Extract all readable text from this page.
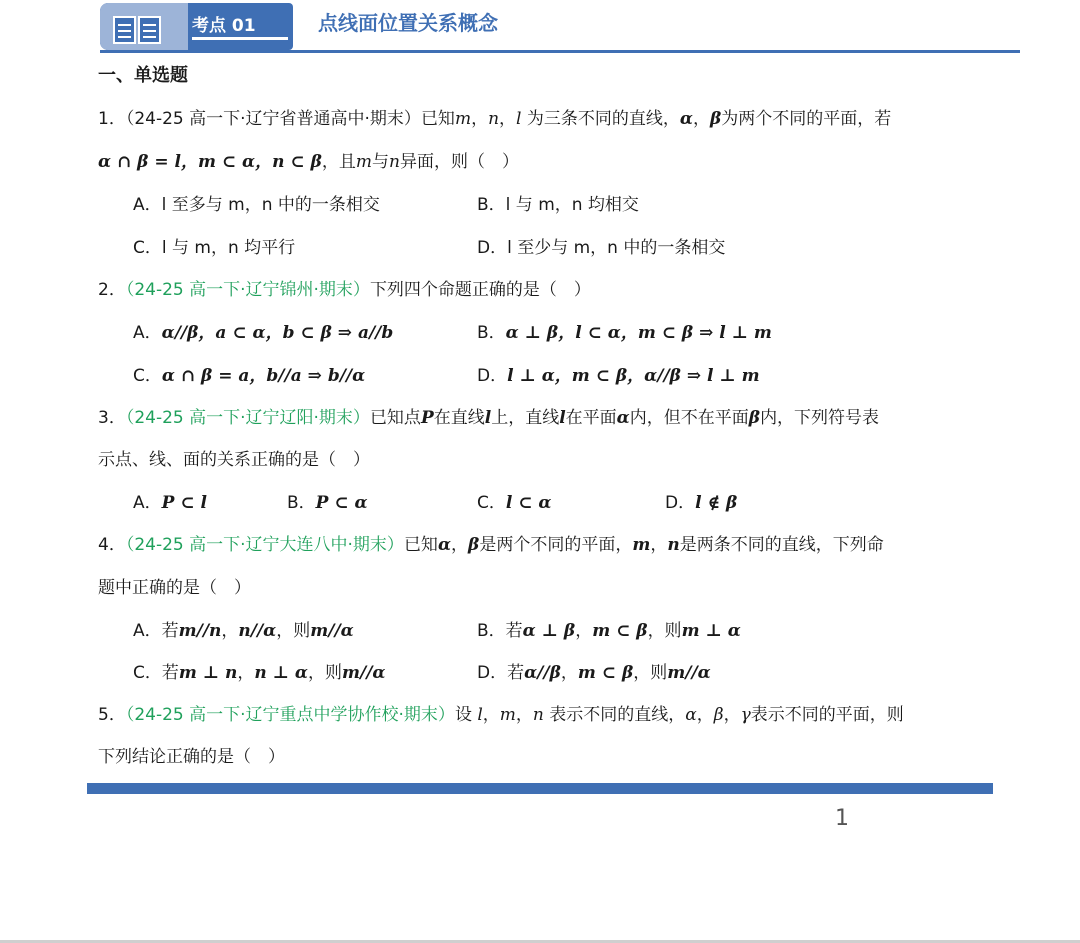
考点 01	点线面位置关系概念
一、单选题
1．（24-25 高一下·辽宁省普通高中·期末）已知m，n，l 为三条不同的直线，α，β为两个不同的平面，若
α ∩ β = l，m ⊂ α，n ⊂ β，且m与n异面，则（　）
A．l 至多与 m，n 中的一条相交	B．l 与 m，n 均相交
C．l 与 m，n 均平行	D．l 至少与 m，n 中的一条相交
2．（24-25 高一下·辽宁锦州·期末）下列四个命题正确的是（　）
A．α//β，a ⊂ α，b ⊂ β ⇒ a//b	B．α ⊥ β，l ⊂ α，m ⊂ β ⇒ l ⊥ m
C．α ∩ β = a，b//a ⇒ b//α	D．l ⊥ α，m ⊂ β，α//β ⇒ l ⊥ m
3．（24-25 高一下·辽宁辽阳·期末）已知点P在直线l上，直线l在平面α内，但不在平面β内，下列符号表
示点、线、面的关系正确的是（　）
A．P ⊂ l	B．P ⊂ α	C．l ⊂ α	D．l ∉ β
4．（24-25 高一下·辽宁大连八中·期末）已知α，β是两个不同的平面，m，n是两条不同的直线，下列命
题中正确的是（　）
A．若m//n，n//α，则m//α	B．若α ⊥ β，m ⊂ β，则m ⊥ α
C．若m ⊥ n，n ⊥ α，则m//α	D．若α//β，m ⊂ β，则m//α
5．（24-25 高一下·辽宁重点中学协作校·期末）设 l，m，n 表示不同的直线，α，β，γ表示不同的平面，则
下列结论正确的是（　）
1
